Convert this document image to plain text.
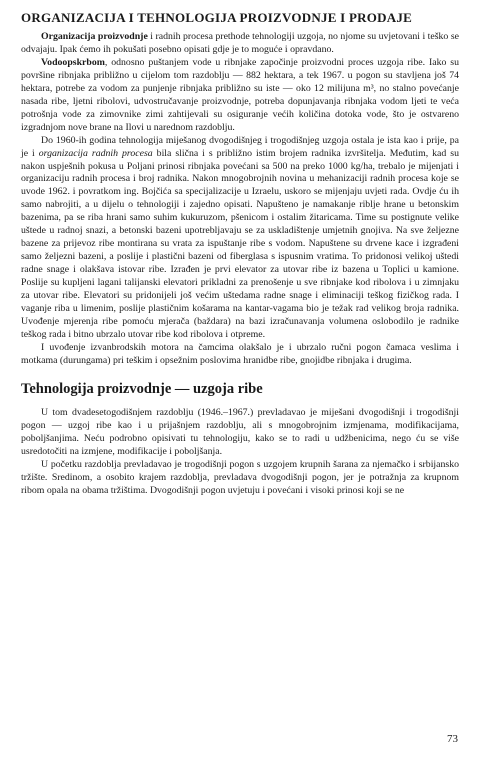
ORGANIZACIJA I TEHNOLOGIJA PROIZVODNJE I PRODAJE

Organizacija proizvodnje i radnih procesa prethode tehnologiji uzgoja, no njome su uvjetovani i teško se odvajaju. Ipak ćemo ih pokušati posebno opisati gdje je to moguće i opravdano.

Vodoopskrbom, odnosno puštanjem vode u ribnjake započinje proizvodni proces uzgoja ribe. Iako su površine ribnjaka približno u cijelom tom razdoblju — 882 hektara, a tek 1967. u pogon su stavljena još 74 hektara, potrebe za vodom za punjenje ribnjaka približno su iste — oko 12 milijuna m³, no stalno povećanje nasada ribe, ljetni ribolovi, udvostručavanje proizvodnje, potreba dopunjavanja ribnjaka vodom ljeti te veća potrošnja vode za zimovnike zimi zahtijevali su osiguranje većih količina dotoka vode, što je ostvareno izgradnjom nove brane na Ilovi u narednom razdoblju.

Do 1960-ih godina tehnologija miješanog dvogodišnjeg i trogodišnjeg uzgoja ostala je ista kao i prije, pa je i organizacija radnih procesa bila slična i s približno istim brojem radnika izvršitelja. Međutim, kad su nakon uspješnih pokusa u Poljani prinosi ribnjaka povećani sa 500 na preko 1000 kg/ha, trebalo je mijenjati i organizaciju radnih procesa i broj radnika. Nakon mnogobrojnih novina u mehanizaciji radnih procesa koje se uvode 1962. i povratkom ing. Bojčića sa specijalizacije u Izraelu, uskoro se mijenjaju uvjeti rada. Ovdje ću ih samo nabrojiti, a u dijelu o tehnologiji i zajedno opisati. Napušteno je namakanje riblje hrane u betonskim bazenima, pa se riba hrani samo suhim kukuruzom, pšenicom i ostalim žitaricama. Time su postignute velike uštede u radnoj snazi, a betonski bazeni upotrebljavaju se za uskladištenje umjetnih gnojiva. Na sve željezne bazene za prijevoz ribe montirana su vrata za ispuštanje ribe s vodom. Napuštene su drvene kace i izgrađeni samo željezni bazeni, a poslije i plastični bazeni od fiberglasa s ispusnim vratima. To pridonosi velikoj uštedi radne snage i olakšava istovar ribe. Izrađen je prvi elevator za utovar ribe iz bazena u Toplici u kamione. Poslije su kupljeni lagani talijanski elevatori prikladni za prenošenje u sve ribnjake kod ribolova i u zimnjaku za utovar ribe. Elevatori su pridonijeli još većim uštedama radne snage i eliminaciji teškog fizičkog rada. I vaganje riba u limenim, poslije plastičnim košarama na kantar-vagama bio je težak rad velikog broja radnika. Uvođenje mjerenja ribe pomoću mjerača (baždara) na bazi izračunavanja volumena oslobodilo je radnike teškog rada i bitno ubrzalo utovar ribe kod ribolova i otpreme.

I uvođenje izvanbrodskih motora na čamcima olakšalo je i ubrzalo ručni pogon čamaca veslima i motkama (durungama) pri teškim i opsežnim poslovima hranidbe ribe, gnojidbe ribnjaka i drugima.

Tehnologija proizvodnje — uzgoja ribe

U tom dvadesetogodišnjem razdoblju (1946.–1967.) prevladavao je miješani dvogodišnji i trogodišnji pogon — uzgoj ribe kao i u prijašnjem razdoblju, ali s mnogobrojnim izmjenama, modifikacijama, poboljšanjima. Neću podrobno opisivati tu tehnologiju, kako se to radi u udžbenicima, nego ću se više usredotočiti na izmjene, modifikacije i poboljšanja.

U početku razdoblja prevladavao je trogodišnji pogon s uzgojem krupnih šarana za njemačko i srbijansko tržište. Sredinom, a osobito krajem razdoblja, prevladava dvogodišnji pogon, jer je potražnja za krupnom ribom opala na obama tržištima. Dvogodišnji pogon uvjetuju i povećani i visoki prinosi koji se ne

73
